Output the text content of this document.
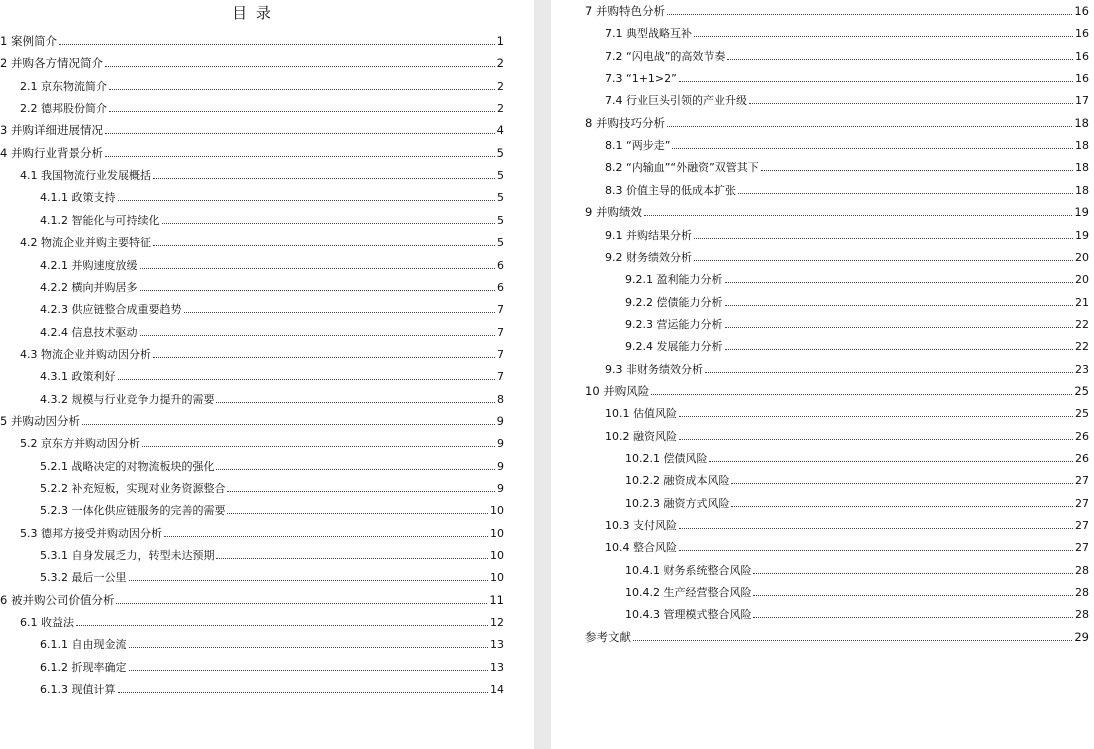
目 录
1 案例简介	1
2 并购各方情况简介	2
2.1 京东物流简介	2
2.2 德邦股份简介	2
3 并购详细进展情况	4
4 并购行业背景分析	5
4.1 我国物流行业发展概括	5
4.1.1 政策支持	5
4.1.2 智能化与可持续化	5
4.2 物流企业并购主要特征	5
4.2.1 并购速度放缓	6
4.2.2 横向并购居多	6
4.2.3 供应链整合成重要趋势	7
4.2.4 信息技术驱动	7
4.3 物流企业并购动因分析	7
4.3.1 政策利好	7
4.3.2 规模与行业竞争力提升的需要	8
5 并购动因分析	9
5.2 京东方并购动因分析	9
5.2.1 战略决定的对物流板块的强化	9
5.2.2 补充短板，实现对业务资源整合	9
5.2.3 一体化供应链服务的完善的需要	10
5.3 德邦方接受并购动因分析	10
5.3.1 自身发展乏力，转型未达预期	10
5.3.2 最后一公里	10
6 被并购公司价值分析	11
6.1 收益法	12
6.1.1 自由现金流	13
6.1.2 折现率确定	13
6.1.3 现值计算	14
7 并购特色分析	16
7.1 典型战略互补	16
7.2 “闪电战”的高效节奏	16
7.3 “1+1>2”	16
7.4 行业巨头引领的产业升级	17
8 并购技巧分析	18
8.1 “两步走”	18
8.2 “内输血”“外融资”双管其下	18
8.3 价值主导的低成本扩张	18
9 并购绩效	19
9.1 并购结果分析	19
9.2 财务绩效分析	20
9.2.1 盈利能力分析	20
9.2.2 偿债能力分析	21
9.2.3 营运能力分析	22
9.2.4 发展能力分析	22
9.3 非财务绩效分析	23
10 并购风险	25
10.1 估值风险	25
10.2 融资风险	26
10.2.1 偿债风险	26
10.2.2 融资成本风险	27
10.2.3 融资方式风险	27
10.3 支付风险	27
10.4 整合风险	27
10.4.1 财务系统整合风险	28
10.4.2 生产经营整合风险	28
10.4.3 管理模式整合风险	28
参考文献	29
